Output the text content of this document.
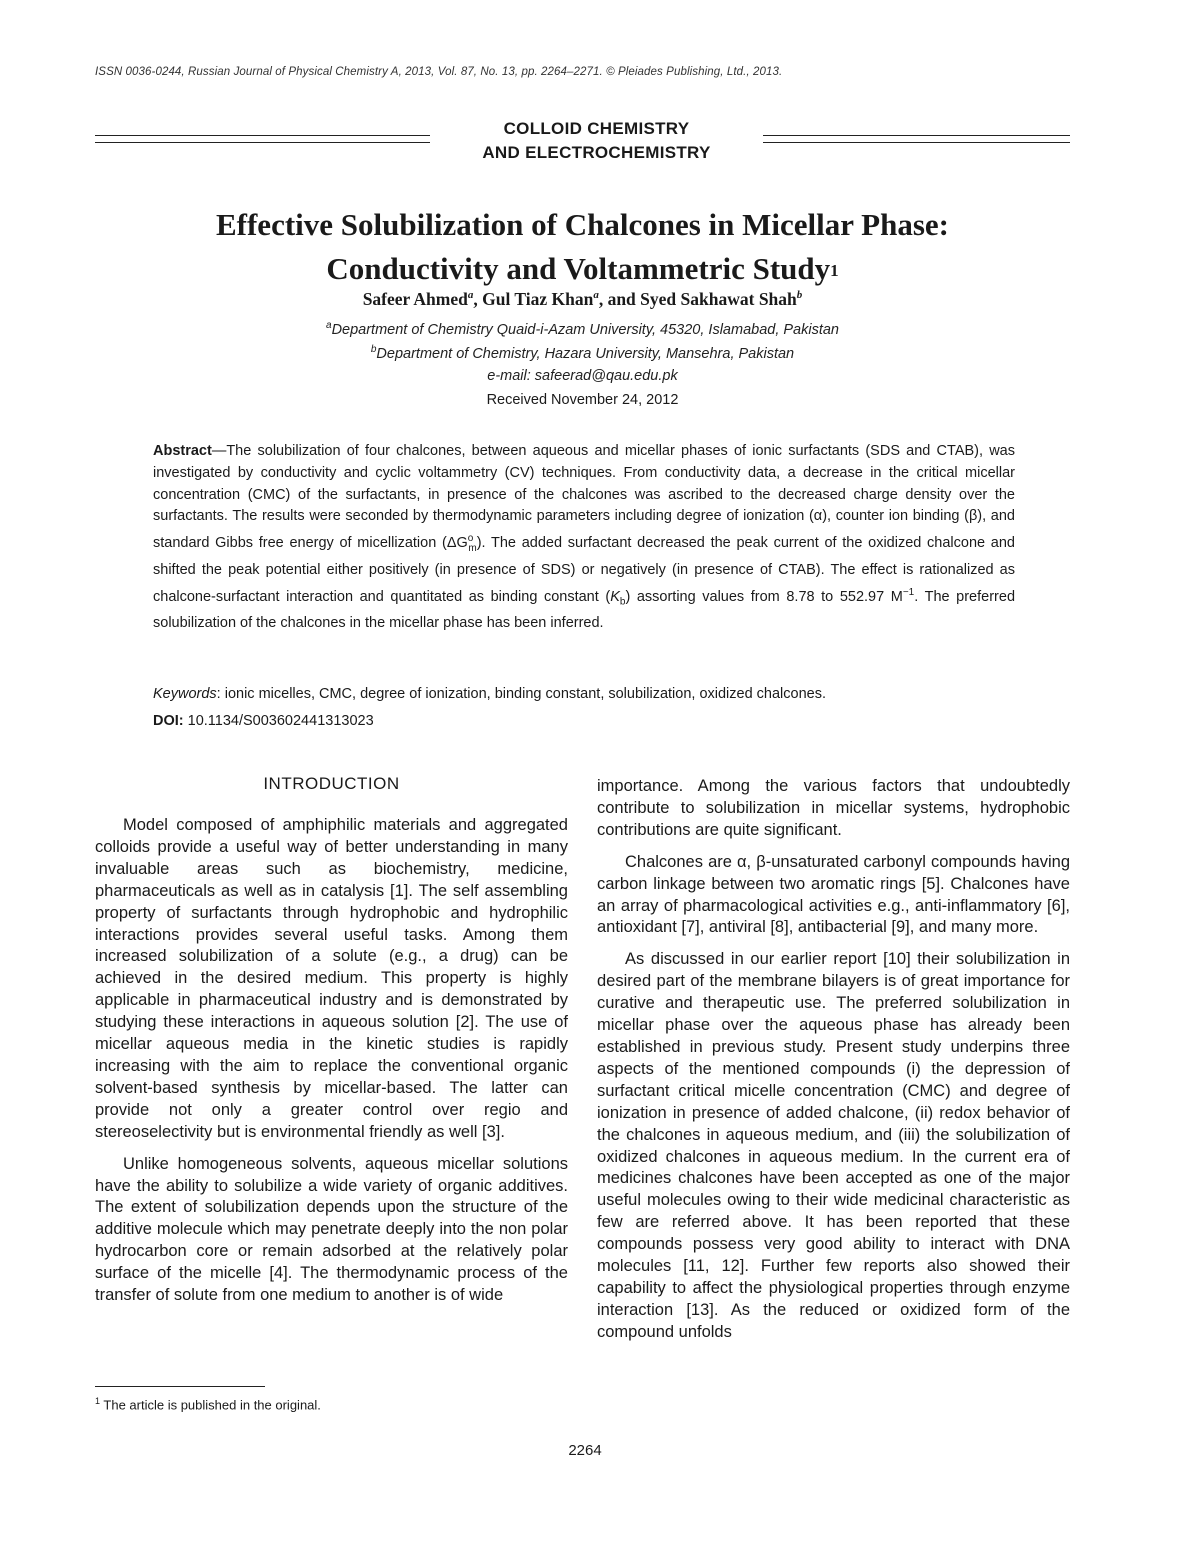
ISSN 0036-0244, Russian Journal of Physical Chemistry A, 2013, Vol. 87, No. 13, pp. 2264–2271. © Pleiades Publishing, Ltd., 2013.
COLLOID CHEMISTRY
AND ELECTROCHEMISTRY
Effective Solubilization of Chalcones in Micellar Phase:
Conductivity and Voltammetric Study$^1$
Safeer Ahmed$^a$, Gul Tiaz Khan$^a$, and Syed Sakhawat Shah$^b$
$^a$Department of Chemistry Quaid-i-Azam University, 45320, Islamabad, Pakistan
$^b$Department of Chemistry, Hazara University, Mansehra, Pakistan
e-mail: safeerad@qau.edu.pk
Received November 24, 2012
Abstract—The solubilization of four chalcones, between aqueous and micellar phases of ionic surfactants (SDS and CTAB), was investigated by conductivity and cyclic voltammetry (CV) techniques. From conductivity data, a decrease in the critical micellar concentration (CMC) of the surfactants, in presence of the chalcones was ascribed to the decreased charge density over the surfactants. The results were seconded by thermodynamic parameters including degree of ionization (α), counter ion binding (β), and standard Gibbs free energy of micellization $(\Delta G^o_m)$. The added surfactant decreased the peak current of the oxidized chalcone and shifted the peak potential either positively (in presence of SDS) or negatively (in presence of CTAB). The effect is rationalized as chalcone-surfactant interaction and quantitated as binding constant $(K_b)$ assorting values from 8.78 to 552.97 $M^{-1}$. The preferred solubilization of the chalcones in the micellar phase has been inferred.
Keywords: ionic micelles, CMC, degree of ionization, binding constant, solubilization, oxidized chalcones.
DOI: 10.1134/S003602441313023
INTRODUCTION

Model composed of amphiphilic materials and aggregated colloids provide a useful way of better understanding in many invaluable areas such as biochemistry, medicine, pharmaceuticals as well as in catalysis [1]. The self assembling property of surfactants through hydrophobic and hydrophilic interactions provides several useful tasks. Among them increased solubilization of a solute (e.g., a drug) can be achieved in the desired medium. This property is highly applicable in pharmaceutical industry and is demonstrated by studying these interactions in aqueous solution [2]. The use of micellar aqueous media in the kinetic studies is rapidly increasing with the aim to replace the conventional organic solvent-based synthesis by micellar-based. The latter can provide not only a greater control over regio and stereoselectivity but is environmental friendly as well [3].

Unlike homogeneous solvents, aqueous micellar solutions have the ability to solubilize a wide variety of organic additives. The extent of solubilization depends upon the structure of the additive molecule which may penetrate deeply into the non polar hydrocarbon core or remain adsorbed at the relatively polar surface of the micelle [4]. The thermodynamic process of the transfer of solute from one medium to another is of wide

importance. Among the various factors that undoubtedly contribute to solubilization in micellar systems, hydrophobic contributions are quite significant.

Chalcones are α, β-unsaturated carbonyl compounds having carbon linkage between two aromatic rings [5]. Chalcones have an array of pharmacological activities e.g., anti-inflammatory [6], antioxidant [7], antiviral [8], antibacterial [9], and many more.

As discussed in our earlier report [10] their solubilization in desired part of the membrane bilayers is of great importance for curative and therapeutic use. The preferred solubilization in micellar phase over the aqueous phase has already been established in previous study. Present study underpins three aspects of the mentioned compounds (i) the depression of surfactant critical micelle concentration (CMC) and degree of ionization in presence of added chalcone, (ii) redox behavior of the chalcones in aqueous medium, and (iii) the solubilization of oxidized chalcones in aqueous medium. In the current era of medicines chalcones have been accepted as one of the major useful molecules owing to their wide medicinal characteristic as few are referred above. It has been reported that these compounds possess very good ability to interact with DNA molecules [11, 12]. Further few reports also showed their capability to affect the physiological properties through enzyme interaction [13]. As the reduced or oxidized form of the compound unfolds

$^1$ The article is published in the original.
2264
